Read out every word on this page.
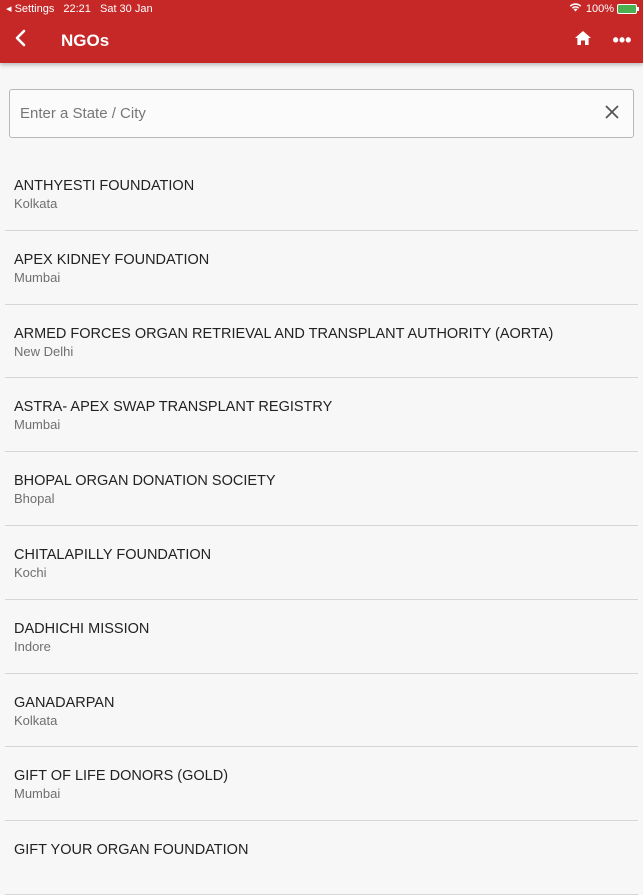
◂ Settings 22:21 Sat 30 Jan	100%
NGOs	•••
Enter a State / City
ANTHYESTI FOUNDATION
Kolkata
APEX KIDNEY FOUNDATION
Mumbai
ARMED FORCES ORGAN RETRIEVAL AND TRANSPLANT AUTHORITY (AORTA)
New Delhi
ASTRA- APEX SWAP TRANSPLANT REGISTRY
Mumbai
BHOPAL ORGAN DONATION SOCIETY
Bhopal
CHITALAPILLY FOUNDATION
Kochi
DADHICHI MISSION
Indore
GANADARPAN
Kolkata
GIFT OF LIFE DONORS (GOLD)
Mumbai
GIFT YOUR ORGAN FOUNDATION
